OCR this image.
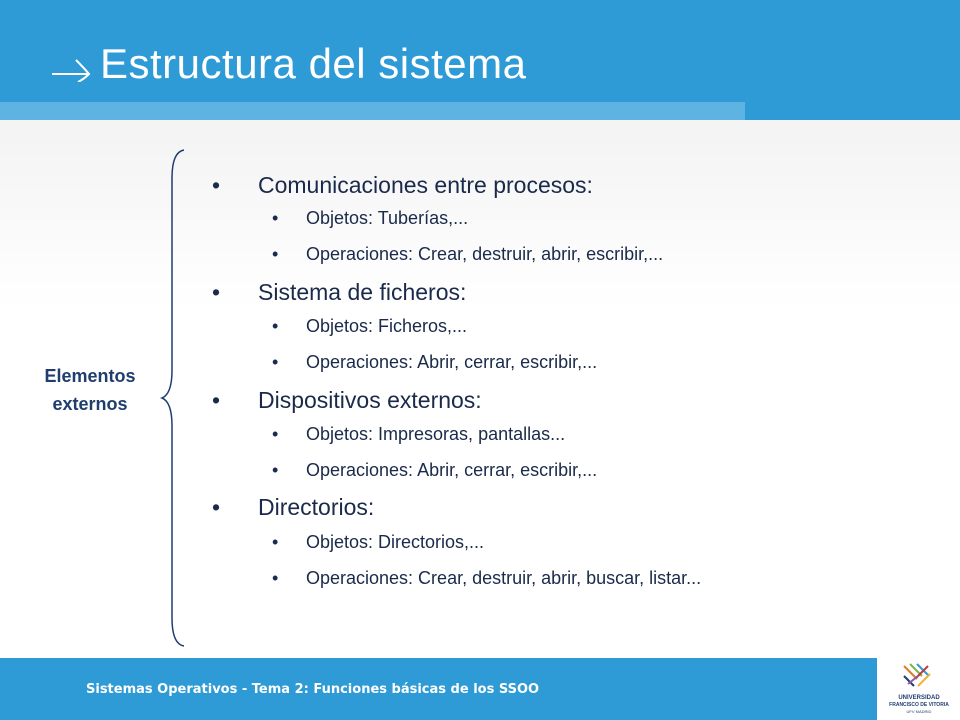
Estructura del sistema
Elementos
externos
• Comunicaciones entre procesos:
• Objetos: Tuberías,...
• Operaciones: Crear, destruir, abrir, escribir,...
• Sistema de ficheros:
• Objetos: Ficheros,...
• Operaciones: Abrir, cerrar, escribir,...
• Dispositivos externos:
• Objetos: Impresoras, pantallas...
• Operaciones: Abrir, cerrar, escribir,...
• Directorios:
• Objetos: Directorios,...
• Operaciones: Crear, destruir, abrir, buscar, listar...
Sistemas Operativos - Tema 2: Funciones básicas de los SSOO
UNIVERSIDAD
FRANCISCO DE VITORIA
UFV MADRID
